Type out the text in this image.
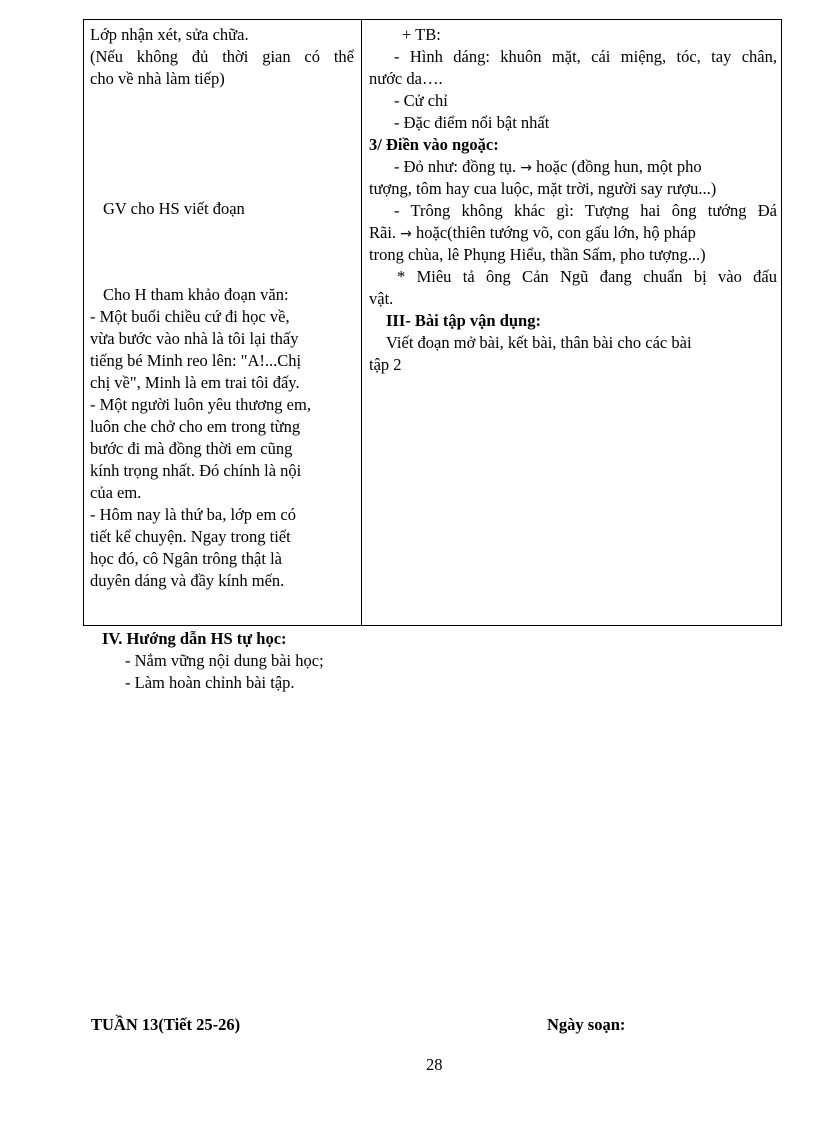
Lớp nhận xét, sửa chữa.
(Nếu không đủ thời gian có thể
cho về nhà làm tiếp)
GV cho HS viết đoạn
Cho H tham khảo đoạn văn:
- Một buổi chiều cứ đi học về,
vừa bước vào nhà là tôi lại thấy
tiếng bé Minh reo lên: "A!...Chị
chị về", Minh là em trai tôi đấy.
- Một người luôn yêu thương em,
luôn che chở cho em trong từng
bước đi mà đồng thời em cũng
kính trọng nhất. Đó chính là nội
của em.
- Hôm nay là thứ ba, lớp em có
tiết kể chuyện. Ngay trong tiết
học đó, cô Ngân trông thật là
duyên dáng và đầy kính mến.
+ TB:
- Hình dáng: khuôn mặt, cái miệng, tóc, tay chân,
nước da….
- Cử chỉ
- Đặc điểm nổi bật nhất
3/ Điền vào ngoặc:
- Đỏ như: đồng tụ. → hoặc (đồng hun, một pho
tượng, tôm hay cua luộc, mặt trời, người say rượu...)
- Trông không khác gì: Tượng hai ông tướng Đá
Rãi. → hoặc(thiên tướng võ, con gấu lớn, hộ pháp
trong chùa, lê Phụng Hiểu, thần Sấm, pho tượng...)
* Miêu tả ông Cản Ngũ đang chuẩn bị vào đấu
vật.
III- Bài tập vận dụng:
Viết đoạn mở bài, kết bài, thân bài cho các bài
tập 2
IV. Hướng dẫn HS tự học:
- Nắm vững nội dung bài học;
- Làm hoàn chỉnh bài tập.
TUẦN 13(Tiết 25-26)	Ngày soạn:
28
